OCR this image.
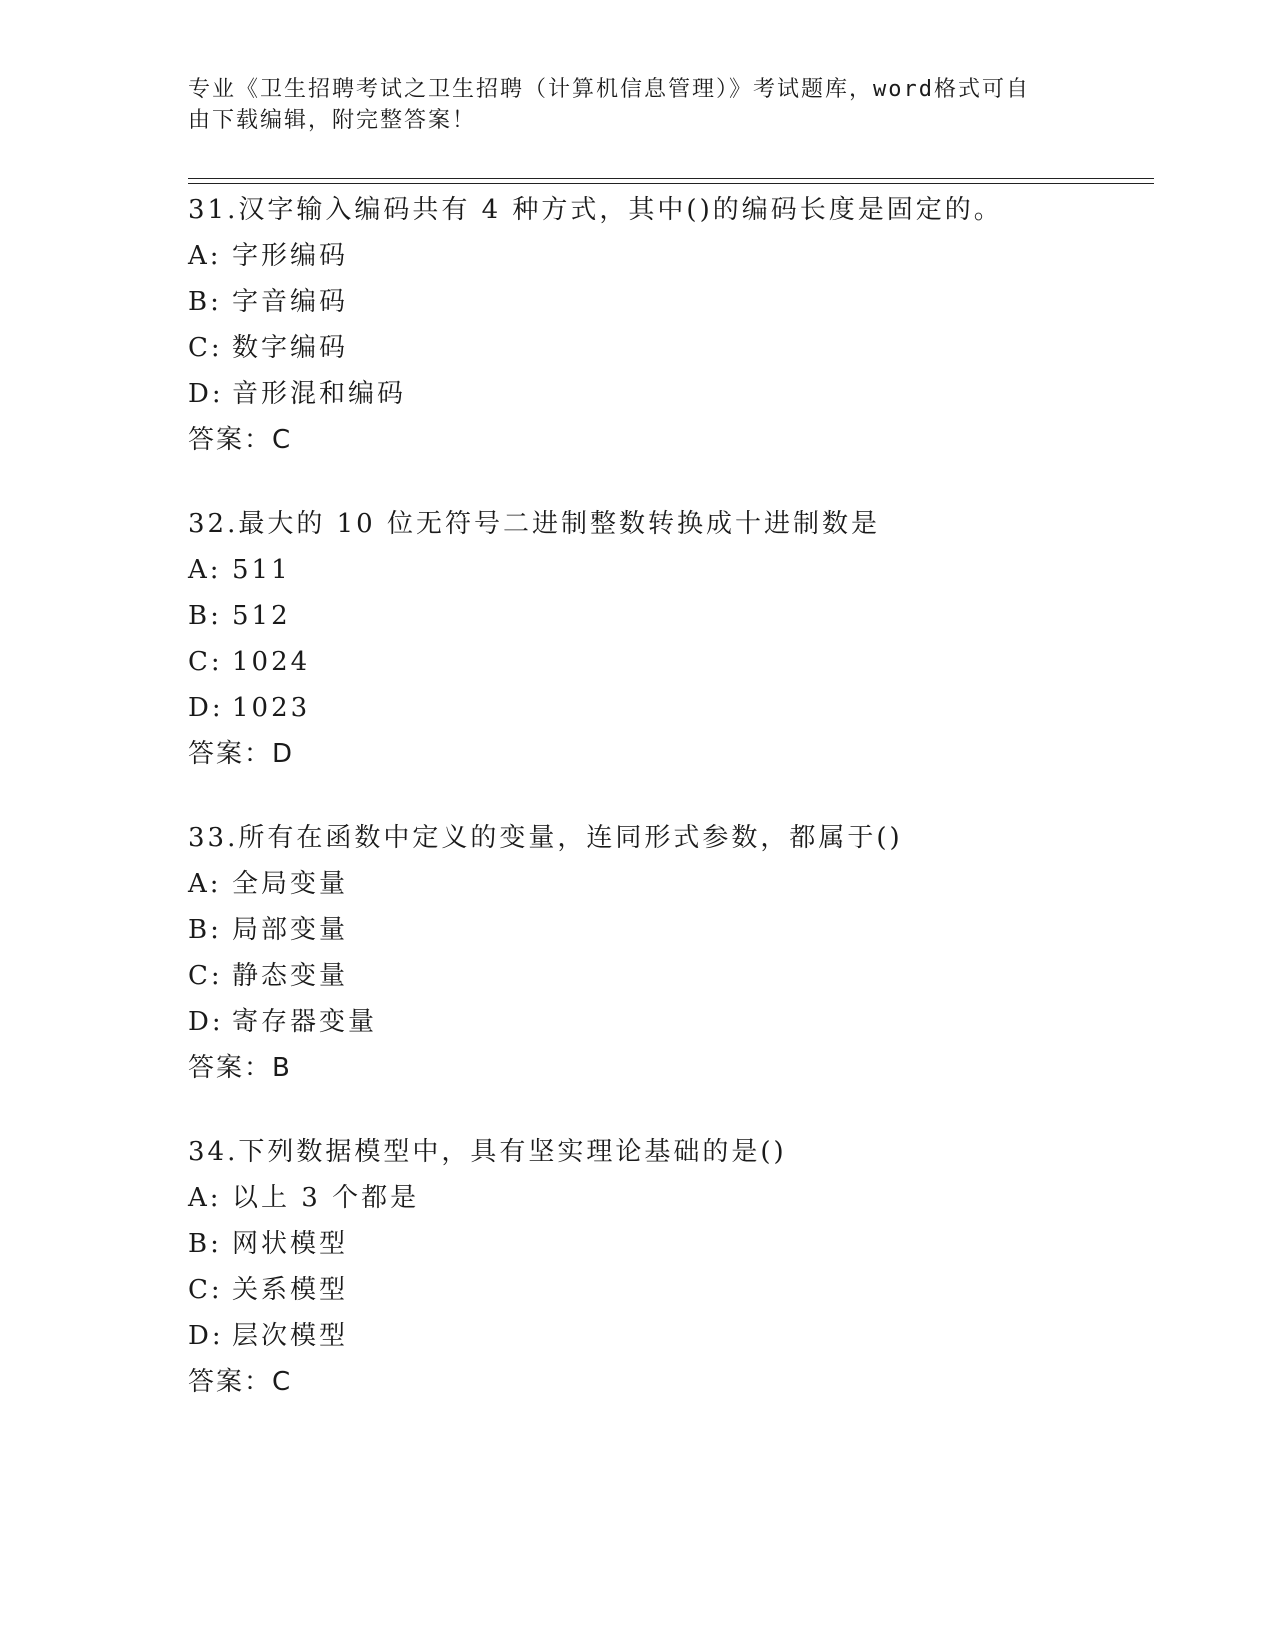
专业《卫生招聘考试之卫生招聘（计算机信息管理）》考试题库，word格式可自
由下载编辑，附完整答案！
31.汉字输入编码共有 4 种方式，其中()的编码长度是固定的。
A: 字形编码
B: 字音编码
C: 数字编码
D: 音形混和编码
答案：C
32.最大的 10 位无符号二进制整数转换成十进制数是
A: 511
B: 512
C: 1024
D: 1023
答案：D
33.所有在函数中定义的变量，连同形式参数，都属于()
A: 全局变量
B: 局部变量
C: 静态变量
D: 寄存器变量
答案：B
34.下列数据模型中，具有坚实理论基础的是()
A: 以上 3 个都是
B: 网状模型
C: 关系模型
D: 层次模型
答案：C
